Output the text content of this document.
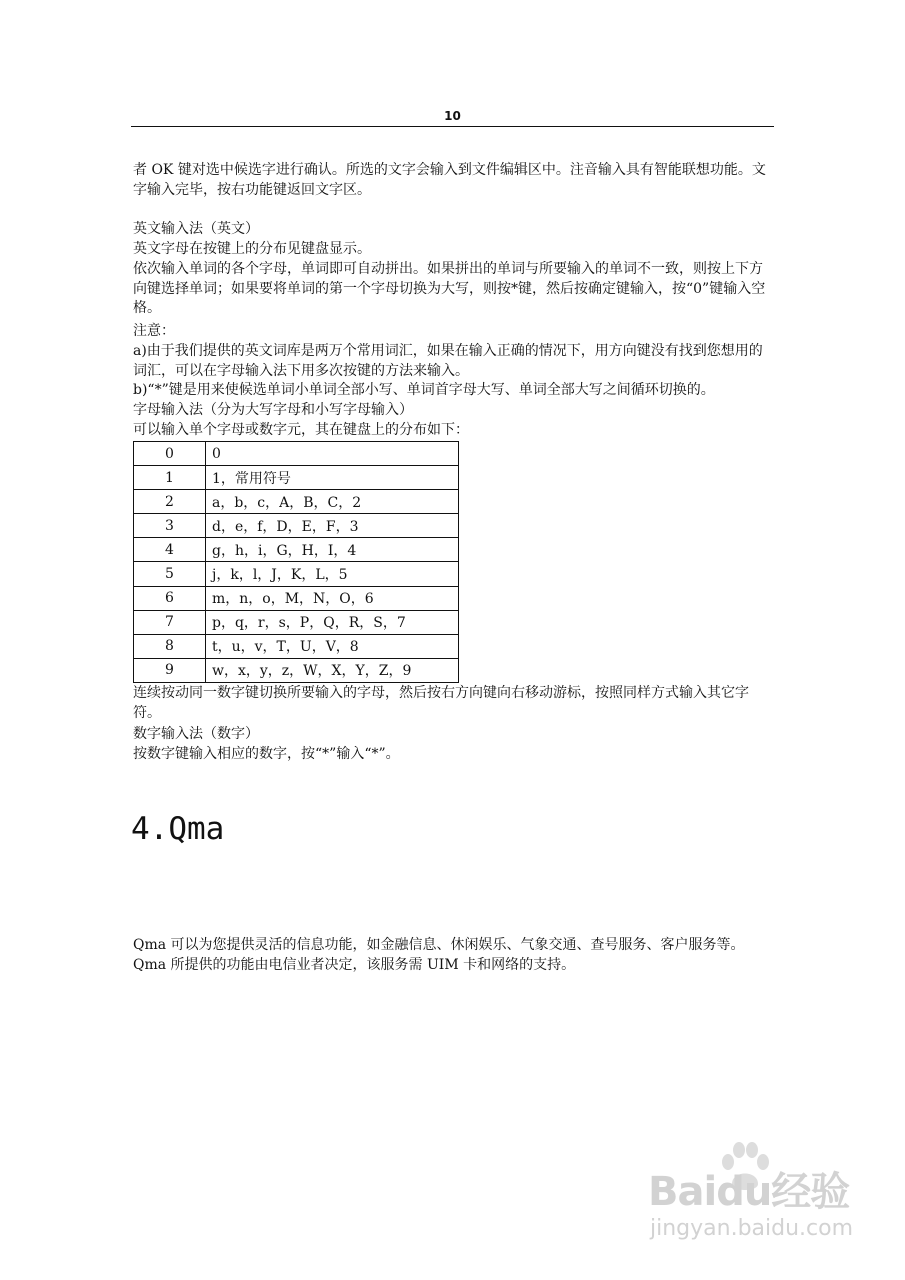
10

者 OK 键对选中候选字进行确认。所选的文字会输入到文件编辑区中。注音输入具有智能联想功能。文字输入完毕，按右功能键返回文字区。

英文输入法（英文）

英文字母在按键上的分布见键盘显示。

依次输入单词的各个字母，单词即可自动拼出。如果拼出的单词与所要输入的单词不一致，则按上下方向键选择单词；如果要将单词的第一个字母切换为大写，则按*键，然后按确定键输入，按“0”键输入空格。

注意：

a)由于我们提供的英文词库是两万个常用词汇，如果在输入正确的情况下，用方向键没有找到您想用的词汇，可以在字母输入法下用多次按键的方法来输入。

b)“*”键是用来使候选单词小单词全部小写、单词首字母大写、单词全部大写之间循环切换的。

字母输入法（分为大写字母和小写字母输入）

可以输入单个字母或数字元，其在键盘上的分布如下：

0	0
1	1，常用符号
2	a，b，c，A，B，C，2
3	d，e，f，D，E，F，3
4	g，h，i，G，H，I，4
5	j，k，l，J，K，L，5
6	m，n，o，M，N，O，6
7	p，q，r，s，P，Q，R，S，7
8	t，u，v，T，U，V，8
9	w，x，y，z，W，X，Y，Z，9

连续按动同一数字键切换所要输入的字母，然后按右方向键向右移动游标，按照同样方式输入其它字符。

数字输入法（数字）

按数字键输入相应的数字，按“*”输入“*”。

4.Qma

Qma 可以为您提供灵活的信息功能，如金融信息、休闲娱乐、气象交通、查号服务、客户服务等。Qma 所提供的功能由电信业者决定，该服务需 UIM 卡和网络的支持。

Baidu经验
jingyan.baidu.com
